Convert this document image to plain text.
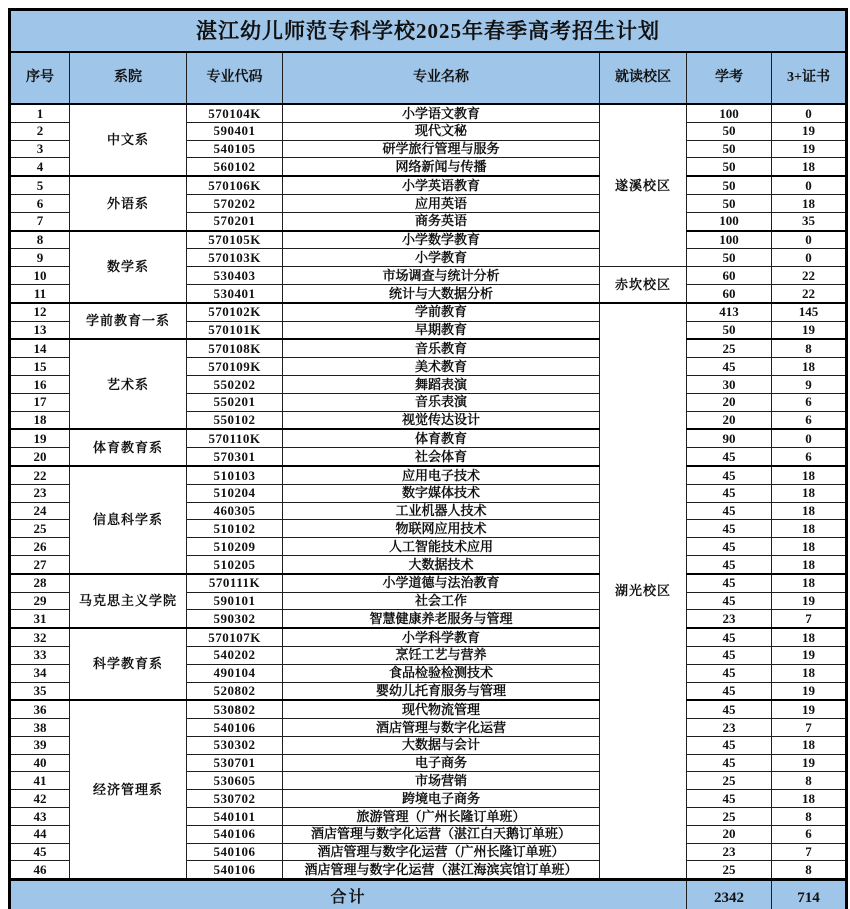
湛江幼儿师范专科学校2025年春季高考招生计划						
序号	系院	专业代码	专业名称	就读校区	学考	3+证书
1	中文系	570104K	小学语文教育	遂溪校区	100	0
2		590401	现代文秘		50	19
3		540105	研学旅行管理与服务		50	19
4		560102	网络新闻与传播		50	18
5	外语系	570106K	小学英语教育		50	0
6		570202	应用英语		50	18
7		570201	商务英语		100	35
8	数学系	570105K	小学数学教育		100	0
9		570103K	小学教育		50	0
10		530403	市场调查与统计分析	赤坎校区	60	22
11		530401	统计与大数据分析		60	22
12	学前教育一系	570102K	学前教育	湖光校区	413	145
13		570101K	早期教育		50	19
14	艺术系	570108K	音乐教育		25	8
15		570109K	美术教育		45	18
16		550202	舞蹈表演		30	9
17		550201	音乐表演		20	6
18		550102	视觉传达设计		20	6
19	体育教育系	570110K	体育教育		90	0
20		570301	社会体育		45	6
22	信息科学系	510103	应用电子技术		45	18
23		510204	数字媒体技术		45	18
24		460305	工业机器人技术		45	18
25		510102	物联网应用技术		45	18
26		510209	人工智能技术应用		45	18
27		510205	大数据技术		45	18
28	马克思主义学院	570111K	小学道德与法治教育		45	18
29		590101	社会工作		45	19
31		590302	智慧健康养老服务与管理		23	7
32	科学教育系	570107K	小学科学教育		45	18
33		540202	烹饪工艺与营养		45	19
34		490104	食品检验检测技术		45	18
35		520802	婴幼儿托育服务与管理		45	19
36	经济管理系	530802	现代物流管理		45	19
38		540106	酒店管理与数字化运营		23	7
39		530302	大数据与会计		45	18
40		530701	电子商务		45	19
41		530605	市场营销		25	8
42		530702	跨境电子商务		45	18
43		540101	旅游管理（广州长隆订单班）		25	8
44		540106	酒店管理与数字化运营（湛江白天鹅订单班）		20	6
45		540106	酒店管理与数字化运营（广州长隆订单班）		23	7
46		540106	酒店管理与数字化运营（湛江海滨宾馆订单班）		25	8
合计					2342	714
